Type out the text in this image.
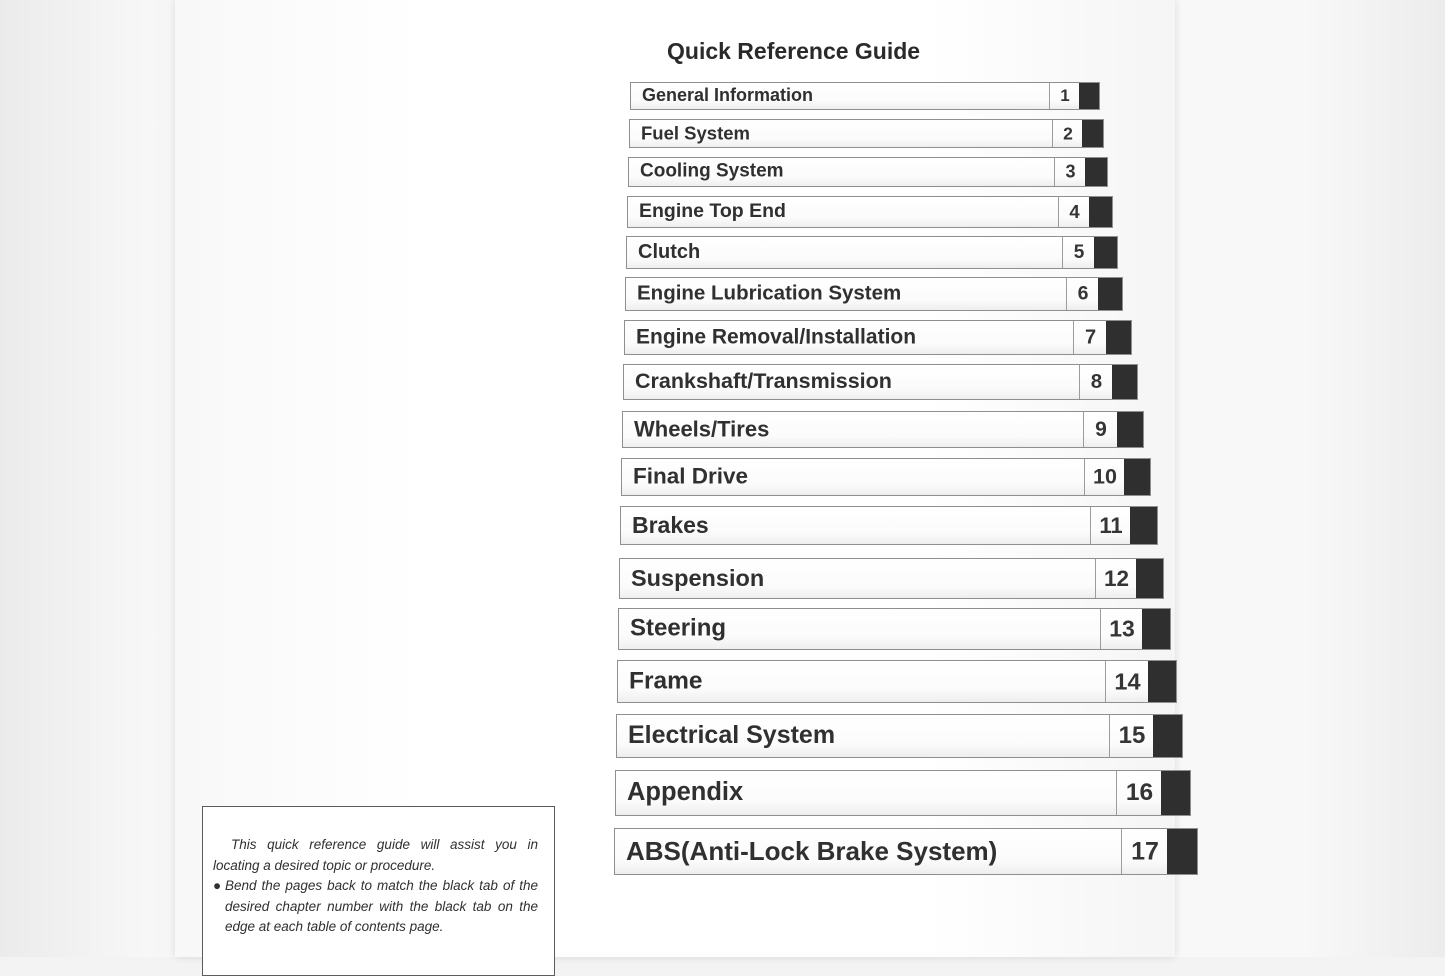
Quick Reference Guide
General Information	1
Fuel System	2
Cooling System	3
Engine Top End	4
Clutch	5
Engine Lubrication System	6
Engine Removal/Installation	7
Crankshaft/Transmission	8
Wheels/Tires	9
Final Drive	10
Brakes	11
Suspension	12
Steering	13
Frame	14
Electrical System	15
Appendix	16
ABS(Anti-Lock Brake System)	17

This quick reference guide will assist you in locating a desired topic or procedure.

● Bend the pages back to match the black tab of the desired chapter number with the black tab on the edge at each table of contents page.
